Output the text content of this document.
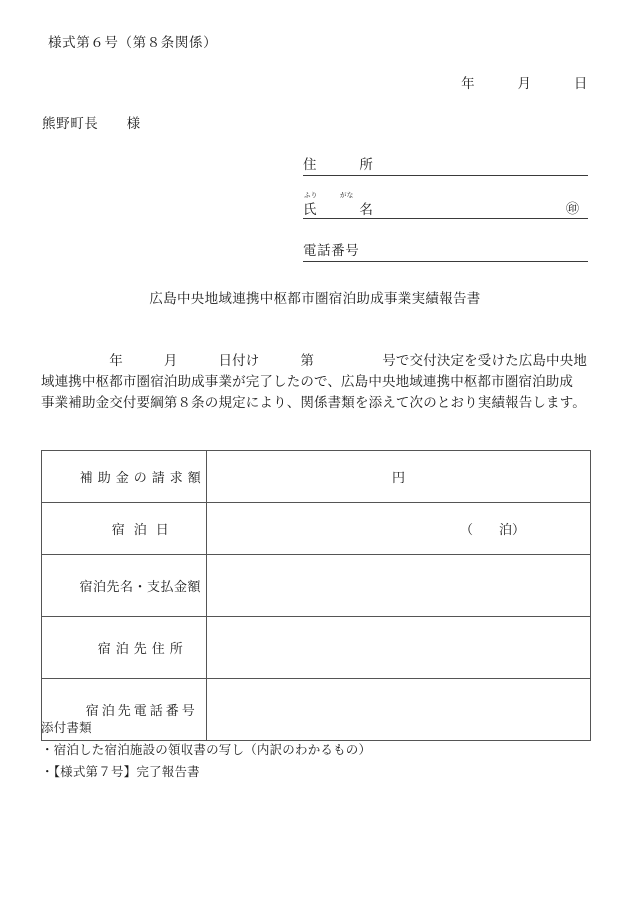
様式第６号（第８条関係）
年　　　月　　　日
熊野町長　　様
住　　　所
ふり	がな
氏　　　名	㊞
電話番号
広島中央地域連携中枢都市圏宿泊助成事業実績報告書

　　　　　年　　　月　　　日付け　　　第　　　　　号で交付決定を受けた広島中央地

域連携中枢都市圏宿泊助成事業が完了したので、広島中央地域連携中枢都市圏宿泊助成

事業補助金交付要綱第８条の規定により、関係書類を添えて次のとおり実績報告します。

補助金の請求額	円

宿泊日	（　　泊）

宿泊先名・支払金額

宿泊先住所

宿泊先電話番号

添付書類
・宿泊した宿泊施設の領収書の写し（内訳のわかるもの）
・【様式第７号】完了報告書
